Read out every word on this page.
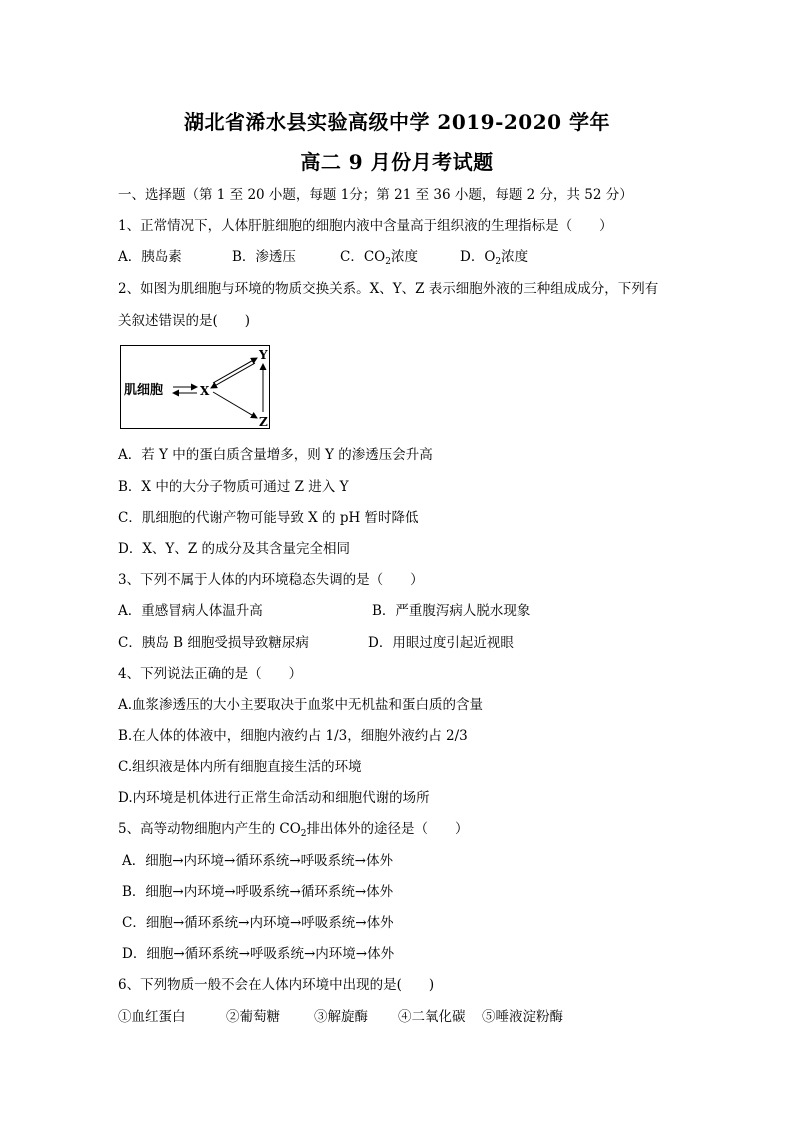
湖北省浠水县实验高级中学 2019-2020 学年
高二 9 月份月考试题
一、选择题（第 1 至 20 小题，每题 1分；第 21 至 36 小题，每题 2 分，共 52 分）
1、正常情况下，人体肝脏细胞的细胞内液中含量高于组织液的生理指标是（　　）
A．胰岛素	B．渗透压	C．$CO_2$浓度	D．$O_2$浓度
2、如图为肌细胞与环境的物质交换关系。X、Y、Z 表示细胞外液的三种组成成分，下列有
关叙述错误的是(　　)
肌细胞	X
Y
Z
A．若 Y 中的蛋白质含量增多，则 Y 的渗透压会升高
B．X 中的大分子物质可通过 Z 进入 Y
C．肌细胞的代谢产物可能导致 X 的 pH 暂时降低
D．X、Y、Z 的成分及其含量完全相同
3、下列不属于人体的内环境稳态失调的是（　　）
A．重感冒病人体温升高	B．严重腹泻病人脱水现象
C．胰岛 B 细胞受损导致糖尿病	D．用眼过度引起近视眼
4、下列说法正确的是（　　）
A.血浆渗透压的大小主要取决于血浆中无机盐和蛋白质的含量
B.在人体的体液中，细胞内液约占 1/3，细胞外液约占 2/3
C.组织液是体内所有细胞直接生活的环境
D.内环境是机体进行正常生命活动和细胞代谢的场所
5、高等动物细胞内产生的 $CO_2$排出体外的途径是（　　）
A．细胞→内环境→循环系统→呼吸系统→体外
B．细胞→内环境→呼吸系统→循环系统→体外
C．细胞→循环系统→内环境→呼吸系统→体外
D．细胞→循环系统→呼吸系统→内环境→体外
6、下列物质一般不会在人体内环境中出现的是(　　)
①血红蛋白	②葡萄糖	③解旋酶 ④二氧化碳 ⑤唾液淀粉酶
